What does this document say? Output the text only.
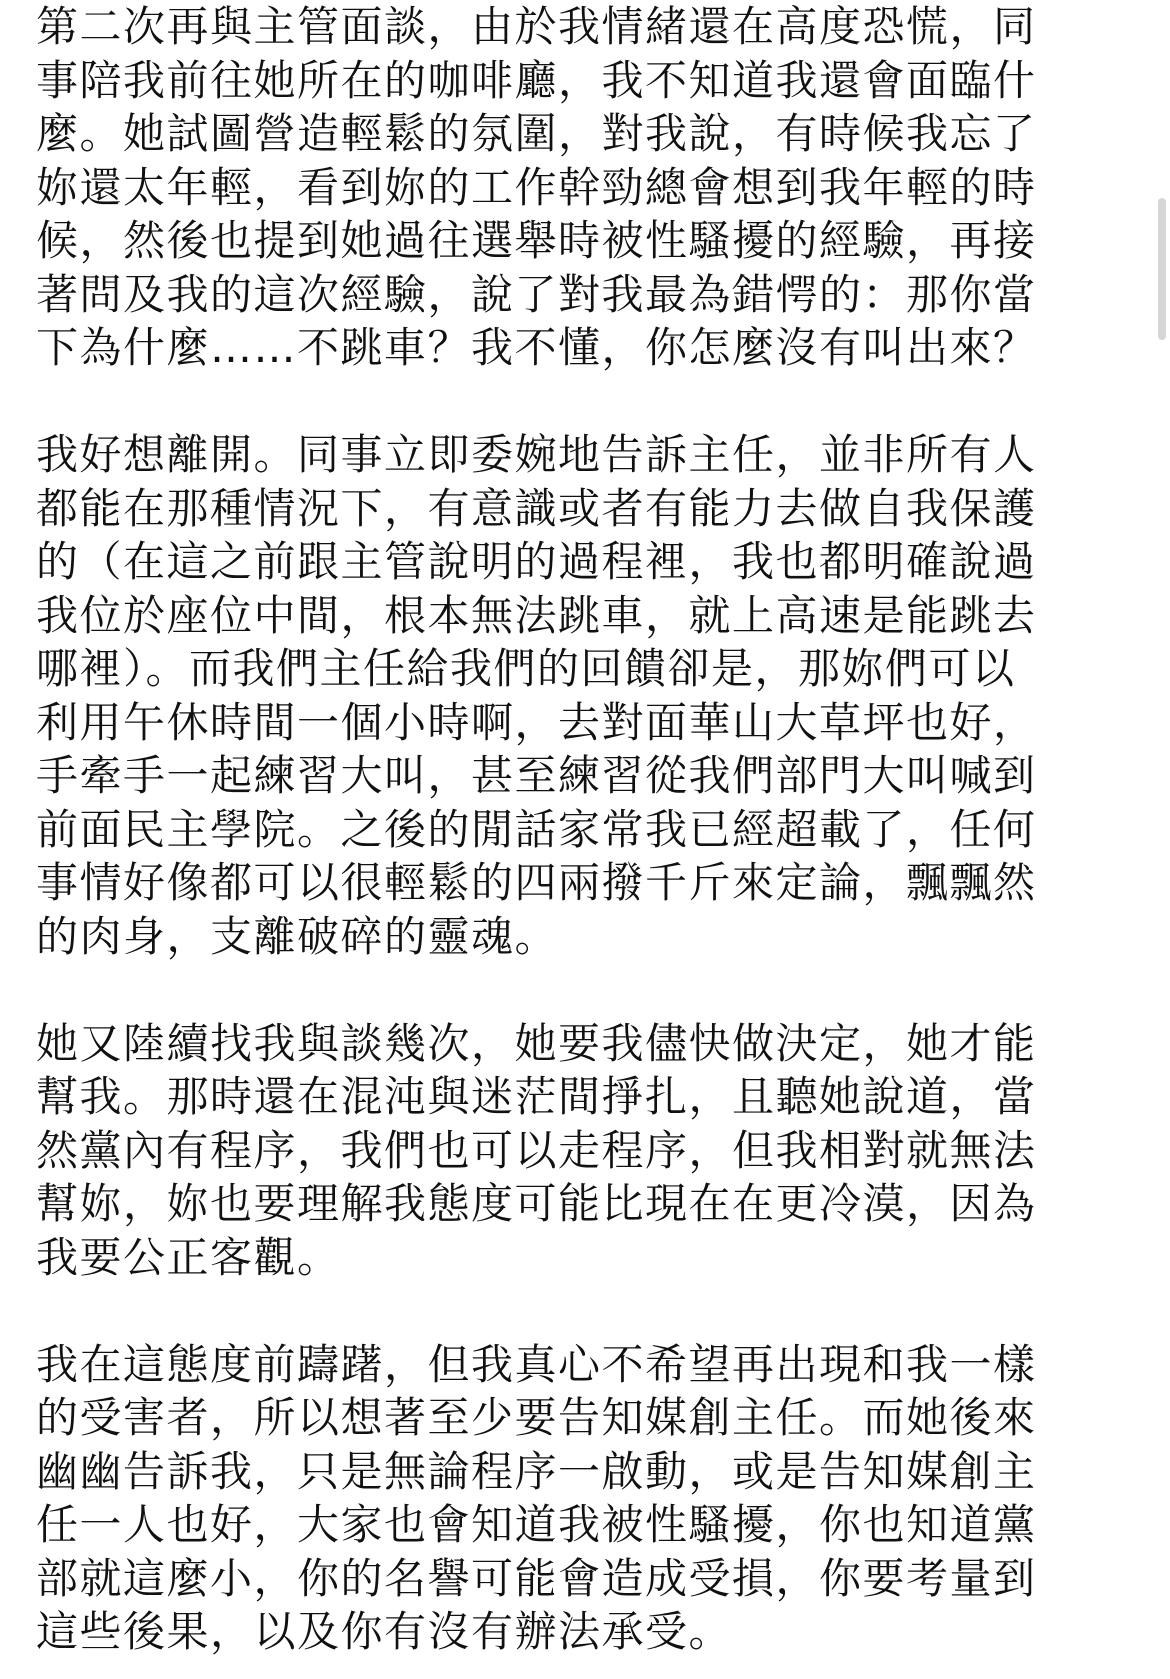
第二次再與主管面談，由於我情緒還在高度恐慌，同
事陪我前往她所在的咖啡廳，我不知道我還會面臨什
麼。她試圖營造輕鬆的氛圍，對我說，有時候我忘了
妳還太年輕，看到妳的工作幹勁總會想到我年輕的時
候，然後也提到她過往選舉時被性騷擾的經驗，再接
著問及我的這次經驗，說了對我最為錯愕的：那你當
下為什麼……不跳車？我不懂，你怎麼沒有叫出來？
我好想離開。同事立即委婉地告訴主任，並非所有人
都能在那種情況下，有意識或者有能力去做自我保護
的（在這之前跟主管說明的過程裡，我也都明確說過
我位於座位中間，根本無法跳車，就上高速是能跳去
哪裡）。而我們主任給我們的回饋卻是，那妳們可以
利用午休時間一個小時啊，去對面華山大草坪也好，
手牽手一起練習大叫，甚至練習從我們部門大叫喊到
前面民主學院。之後的閒話家常我已經超載了，任何
事情好像都可以很輕鬆的四兩撥千斤來定論，飄飄然
的肉身，支離破碎的靈魂。
她又陸續找我與談幾次，她要我儘快做決定，她才能
幫我。那時還在混沌與迷茫間掙扎，且聽她說道，當
然黨內有程序，我們也可以走程序，但我相對就無法
幫妳，妳也要理解我態度可能比現在在更冷漠，因為
我要公正客觀。
我在這態度前躊躇，但我真心不希望再出現和我一樣
的受害者，所以想著至少要告知媒創主任。而她後來
幽幽告訴我，只是無論程序一啟動，或是告知媒創主
任一人也好，大家也會知道我被性騷擾，你也知道黨
部就這麼小，你的名譽可能會造成受損，你要考量到
這些後果，以及你有沒有辦法承受。
